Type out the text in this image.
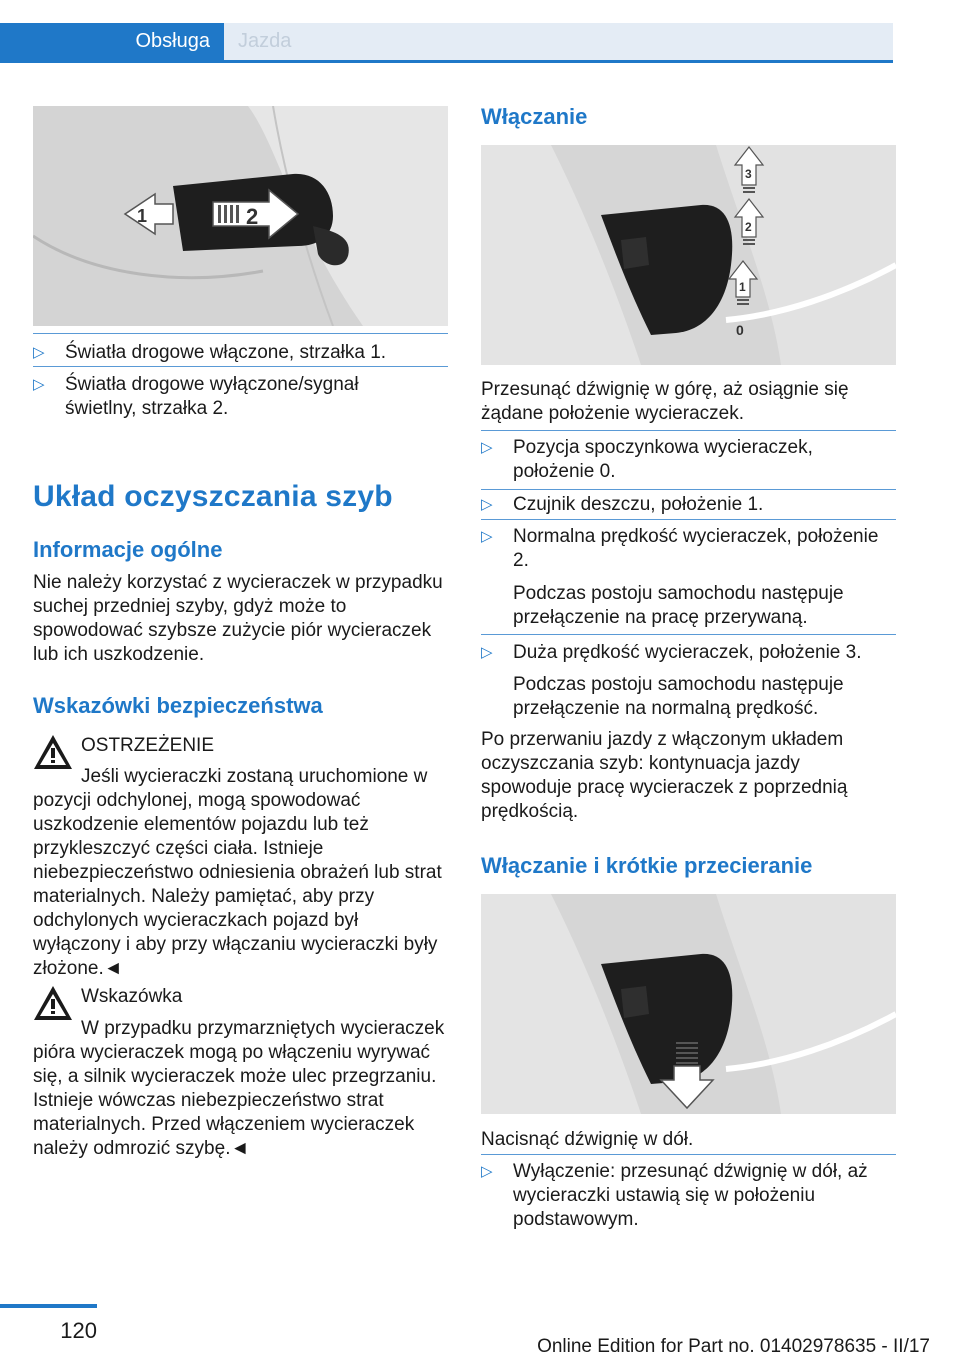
Obsługa	Jazda
1	2
▷ Światła drogowe włączone, strzałka 1.
▷ Światła drogowe wyłączone/sygnał świetlny, strzałka 2.
Układ oczyszczania szyb
Informacje ogólne

Nie należy korzystać z wycieraczek w przypadku suchej przedniej szyby, gdyż może to spowodować szybsze zużycie piór wycieraczek lub ich uszkodzenie.

Wskazówki bezpieczeństwa
OSTRZEŻENIE

Jeśli wycieraczki zostaną uruchomione w pozycji odchylonej, mogą spowodować uszkodzenie elementów pojazdu lub też przykleszczyć części ciała. Istnieje niebezpieczeństwo odniesienia obrażeń lub strat materialnych. Należy pamiętać, aby przy odchylonych wycieraczkach pojazd był wyłączony i aby przy włączaniu wycieraczki były złożone.◄

Wskazówka

W przypadku przymarzniętych wycieraczek pióra wycieraczek mogą po włączeniu wyrywać się, a silnik wycieraczek może ulec przegrzaniu. Istnieje wówczas niebezpieczeństwo strat materialnych. Przed włączeniem wycieraczek należy odmrozić szybę.◄

Włączanie
3
2
1
0

Przesunąć dźwignię w górę, aż osiągnie się żądane położenie wycieraczek.

▷ Pozycja spoczynkowa wycieraczek, położenie 0.
▷ Czujnik deszczu, położenie 1.
▷ Normalna prędkość wycieraczek, położenie 2.
Podczas postoju samochodu następuje przełączenie na pracę przerywaną.
▷ Duża prędkość wycieraczek, położenie 3.
Podczas postoju samochodu następuje przełączenie na normalną prędkość.

Po przerwaniu jazdy z włączonym układem oczyszczania szyb: kontynuacja jazdy spowoduje pracę wycieraczek z poprzednią prędkością.

Włączanie i krótkie przecieranie

Nacisnąć dźwignię w dół.

▷ Wyłączenie: przesunąć dźwignię w dół, aż wycieraczki ustawią się w położeniu podstawowym.
120
Online Edition for Part no. 01402978635 - II/17
